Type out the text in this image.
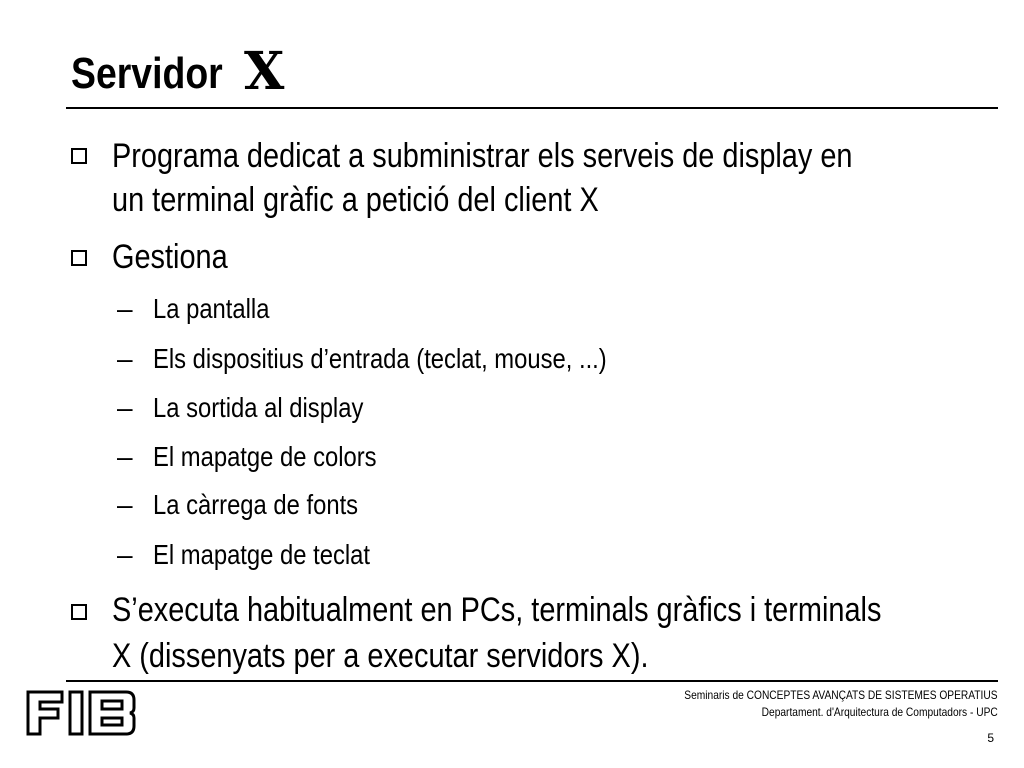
Servidor X
Programa dedicat a subministrar els serveis de display en
un terminal gràfic a petició del client X
Gestiona
– La pantalla
– Els dispositius d’entrada (teclat, mouse, ...)
– La sortida al display
– El mapatge de colors
– La càrrega de fonts
– El mapatge de teclat
S’executa habitualment en PCs, terminals gràfics i terminals
X (dissenyats per a executar servidors X).
Seminaris de CONCEPTES AVANÇATS DE SISTEMES OPERATIUS
Departament. d'Arquitectura de Computadors - UPC
5
